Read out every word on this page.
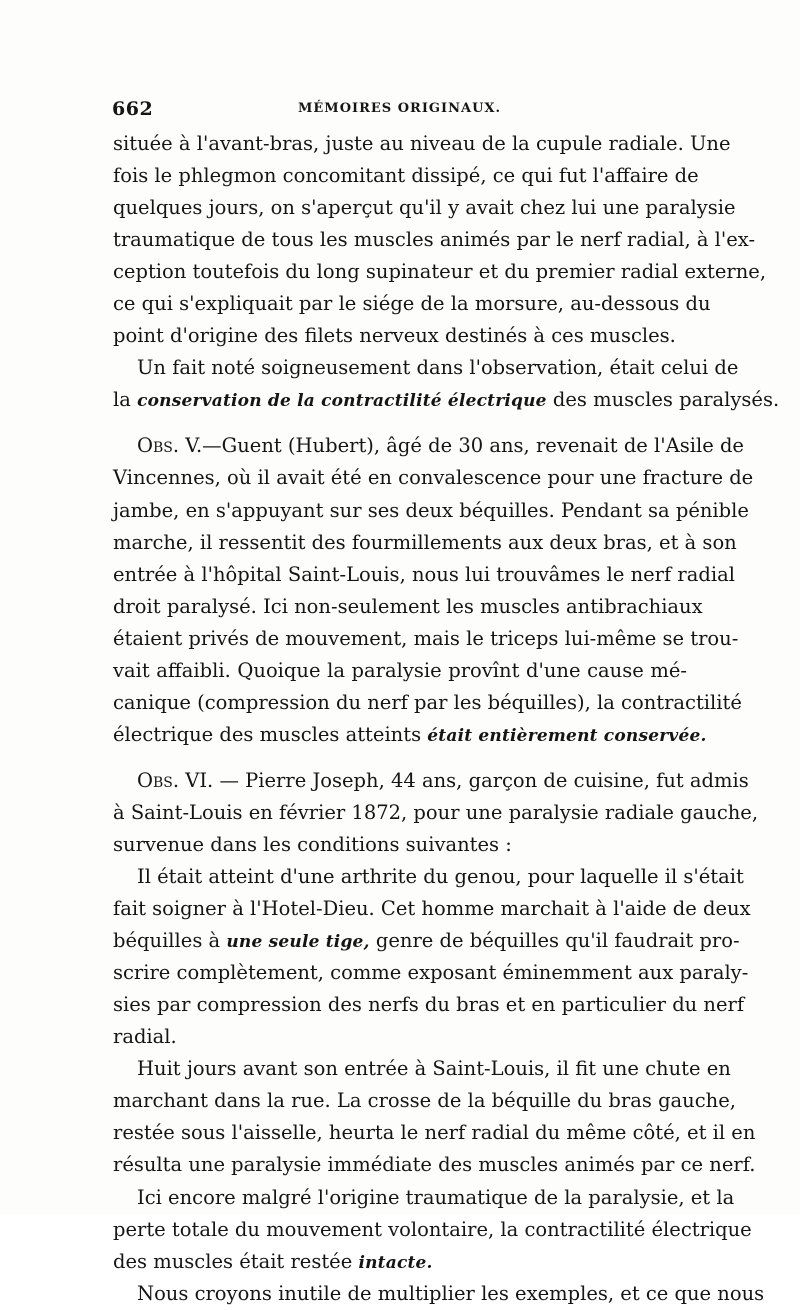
662	MÉMOIRES ORIGINAUX.
située à l'avant-bras, juste au niveau de la cupule radiale. Une
fois le phlegmon concomitant dissipé, ce qui fut l'affaire de
quelques jours, on s'aperçut qu'il y avait chez lui une paralysie
traumatique de tous les muscles animés par le nerf radial, à l'ex-
ception toutefois du long supinateur et du premier radial externe,
ce qui s'expliquait par le siége de la morsure, au-dessous du
point d'origine des filets nerveux destinés à ces muscles.
Un fait noté soigneusement dans l'observation, était celui de
la conservation de la contractilité électrique des muscles paralysés.
Obs. V.—Guent (Hubert), âgé de 30 ans, revenait de l'Asile de
Vincennes, où il avait été en convalescence pour une fracture de
jambe, en s'appuyant sur ses deux béquilles. Pendant sa pénible
marche, il ressentit des fourmillements aux deux bras, et à son
entrée à l'hôpital Saint-Louis, nous lui trouvâmes le nerf radial
droit paralysé. Ici non-seulement les muscles antibrachiaux
étaient privés de mouvement, mais le triceps lui-même se trou-
vait affaibli. Quoique la paralysie provînt d'une cause mé-
canique (compression du nerf par les béquilles), la contractilité
électrique des muscles atteints était entièrement conservée.
Obs. VI. — Pierre Joseph, 44 ans, garçon de cuisine, fut admis
à Saint-Louis en février 1872, pour une paralysie radiale gauche,
survenue dans les conditions suivantes :
Il était atteint d'une arthrite du genou, pour laquelle il s'était
fait soigner à l'Hotel-Dieu. Cet homme marchait à l'aide de deux
béquilles à une seule tige, genre de béquilles qu'il faudrait pro-
scrire complètement, comme exposant éminemment aux paraly-
sies par compression des nerfs du bras et en particulier du nerf
radial.
Huit jours avant son entrée à Saint-Louis, il fit une chute en
marchant dans la rue. La crosse de la béquille du bras gauche,
restée sous l'aisselle, heurta le nerf radial du même côté, et il en
résulta une paralysie immédiate des muscles animés par ce nerf.
Ici encore malgré l'origine traumatique de la paralysie, et la
perte totale du mouvement volontaire, la contractilité électrique
des muscles était restée intacte.
Nous croyons inutile de multiplier les exemples, et ce que nous
